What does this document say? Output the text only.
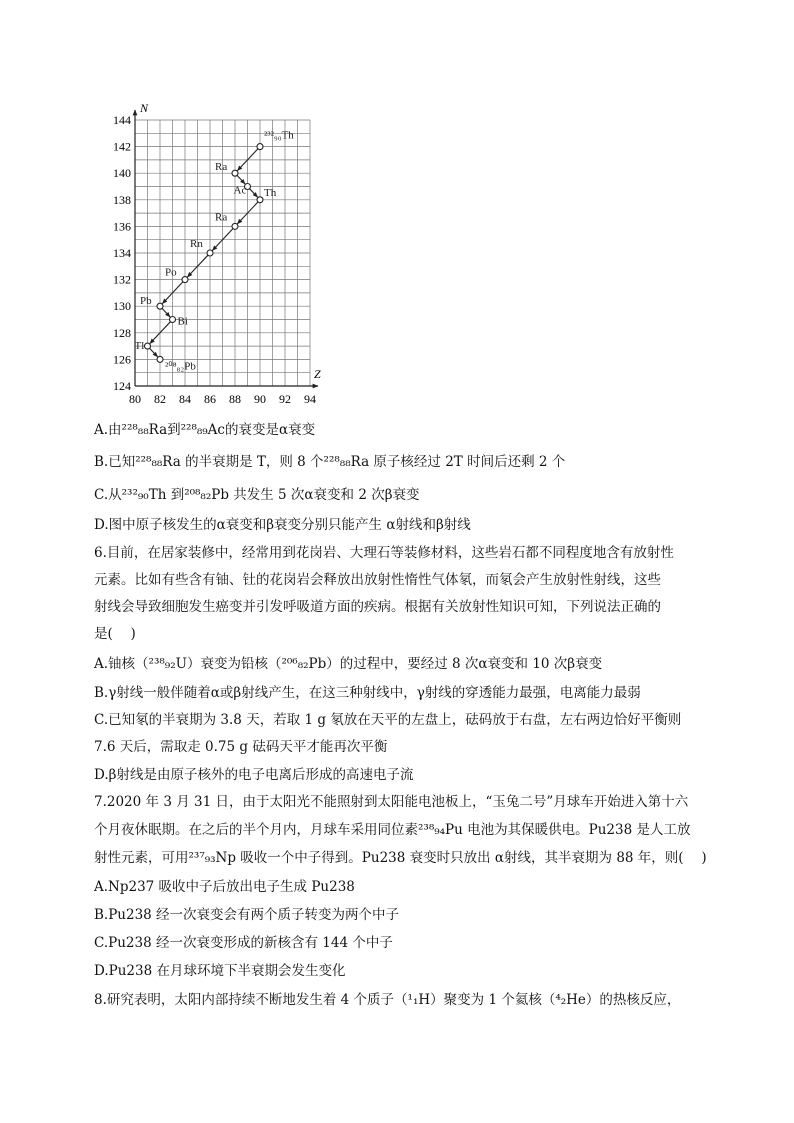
Z
N
80 82 84 86 88 90 92 94
124
126
128
130
132
134
136
138
140
142
144
²³²₉₀Th
Ra
Ac Th
Ra
Rn
Po
Pb
Bi
Tl
²⁰⁸₈₂Pb
A.由²²⁸₈₈Ra到²²⁸₈₉Ac的衰变是α衰变
B.已知²²⁸₈₈Ra 的半衰期是 T，则 8 个²²⁸₈₈Ra 原子核经过 2T 时间后还剩 2 个
C.从²³²₉₀Th 到²⁰⁸₈₂Pb 共发生 5 次α衰变和 2 次β衰变
D.图中原子核发生的α衰变和β衰变分别只能产生 α射线和β射线
6.目前，在居家装修中，经常用到花岗岩、大理石等装修材料，这些岩石都不同程度地含有放射性
元素。比如有些含有铀、钍的花岗岩会释放出放射性惰性气体氡，而氡会产生放射性射线，这些
射线会导致细胞发生癌变并引发呼吸道方面的疾病。根据有关放射性知识可知，下列说法正确的
是(　 )
A.铀核（²³⁸₉₂U）衰变为铅核（²⁰⁶₈₂Pb）的过程中，要经过 8 次α衰变和 10 次β衰变
B.γ射线一般伴随着α或β射线产生，在这三种射线中，γ射线的穿透能力最强，电离能力最弱
C.已知氡的半衰期为 3.8 天，若取 1 g 氡放在天平的左盘上，砝码放于右盘，左右两边恰好平衡则
7.6 天后，需取走 0.75 g 砝码天平才能再次平衡
D.β射线是由原子核外的电子电离后形成的高速电子流
7.2020 年 3 月 31 日，由于太阳光不能照射到太阳能电池板上，“玉兔二号”月球车开始进入第十六
个月夜休眠期。在之后的半个月内，月球车采用同位素²³⁸₉₄Pu 电池为其保暖供电。Pu238 是人工放
射性元素，可用²³⁷₉₃Np 吸收一个中子得到。Pu238 衰变时只放出 α射线，其半衰期为 88 年，则(　 )
A.Np237 吸收中子后放出电子生成 Pu238
B.Pu238 经一次衰变会有两个质子转变为两个中子
C.Pu238 经一次衰变形成的新核含有 144 个中子
D.Pu238 在月球环境下半衰期会发生变化
8.研究表明，太阳内部持续不断地发生着 4 个质子（¹₁H）聚变为 1 个氦核（⁴₂He）的热核反应，
